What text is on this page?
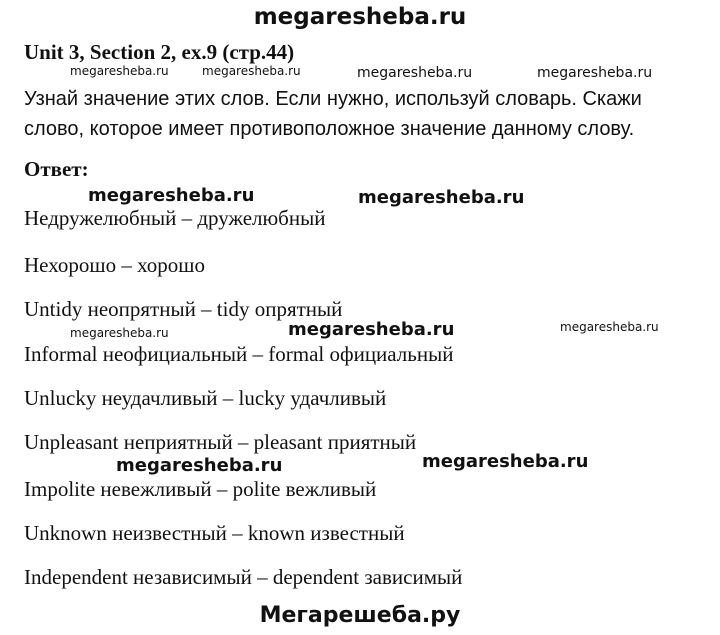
megaresheba.ru
Unit 3, Section 2, ex.9 (стр.44)
megaresheba.ru	megaresheba.ru	megaresheba.ru	megaresheba.ru
Узнай значение этих слов. Если нужно, используй словарь. Скажи
слово, которое имеет противоположное значение данному слову.
Ответ:
megaresheba.ru	megaresheba.ru
Недружелюбный – дружелюбный
Нехорошо – хорошо
Untidy неопрятный – tidy опрятный
megaresheba.ru	megaresheba.ru	megaresheba.ru
Informal неофициальный – formal официальный
Unlucky неудачливый – lucky удачливый
Unpleasant неприятный – pleasant приятный
megaresheba.ru	megaresheba.ru
Impolite невежливый – polite вежливый
Unknown неизвестный – known известный
Independent независимый – dependent зависимый
Мегарешеба.ру
